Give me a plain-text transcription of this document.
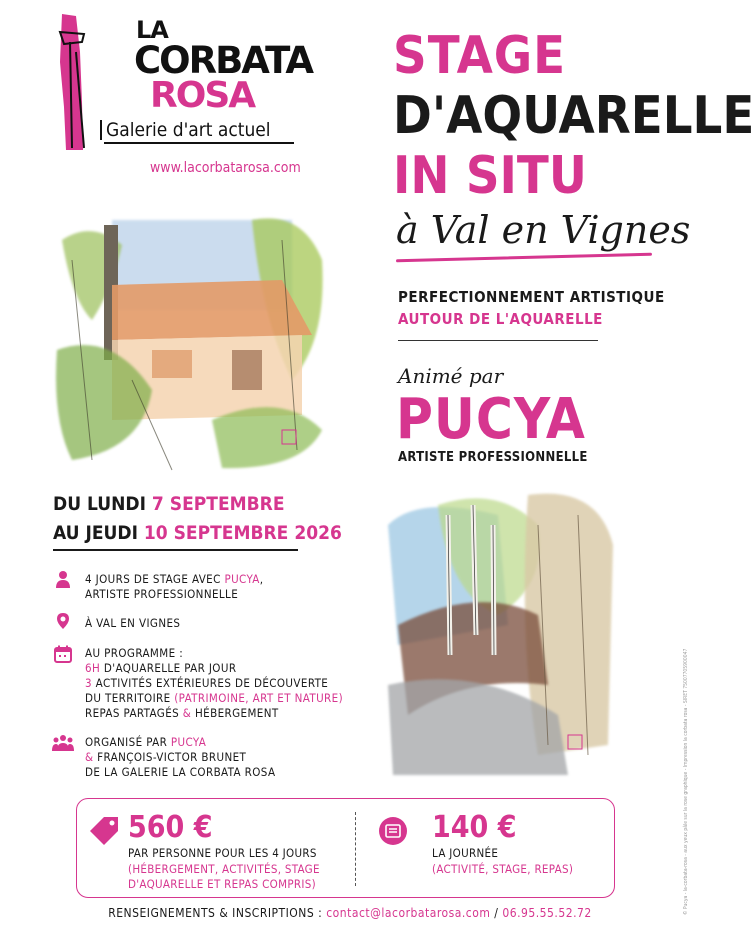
LA
CORBATA
ROSA
Galerie d'art actuel
www.lacorbatarosa.com
STAGE
D'AQUARELLE
IN SITU
à Val en Vignes
PERFECTIONNEMENT ARTISTIQUE
AUTOUR DE L'AQUARELLE
Animé par
PUCYA
ARTISTE PROFESSIONNELLE
DU LUNDI 7 SEPTEMBRE
AU JEUDI 10 SEPTEMBRE 2026
4 JOURS DE STAGE AVEC PUCYA,
ARTISTE PROFESSIONNELLE
À VAL EN VIGNES
AU PROGRAMME :
6H D'AQUARELLE PAR JOUR
3 ACTIVITÉS EXTÉRIEURES DE DÉCOUVERTE
DU TERRITOIRE (PATRIMOINE, ART ET NATURE)
REPAS PARTAGÉS & HÉBERGEMENT
ORGANISÉ PAR PUCYA
& FRANÇOIS-VICTOR BRUNET
DE LA GALERIE LA CORBATA ROSA
560 €
PAR PERSONNE POUR LES 4 JOURS
(HÉBERGEMENT, ACTIVITÉS, STAGE
D'AQUARELLE ET REPAS COMPRIS)
140 €
LA JOURNÉE
(ACTIVITÉ, STAGE, REPAS)
RENSEIGNEMENTS & INSCRIPTIONS : contact@lacorbatarosa.com / 06.95.55.52.72	© Pucya - la-corbata-rosa - aux yeux pâle sur la rose graphique - Impression la corbata rosa - SIRET 75007705900047
